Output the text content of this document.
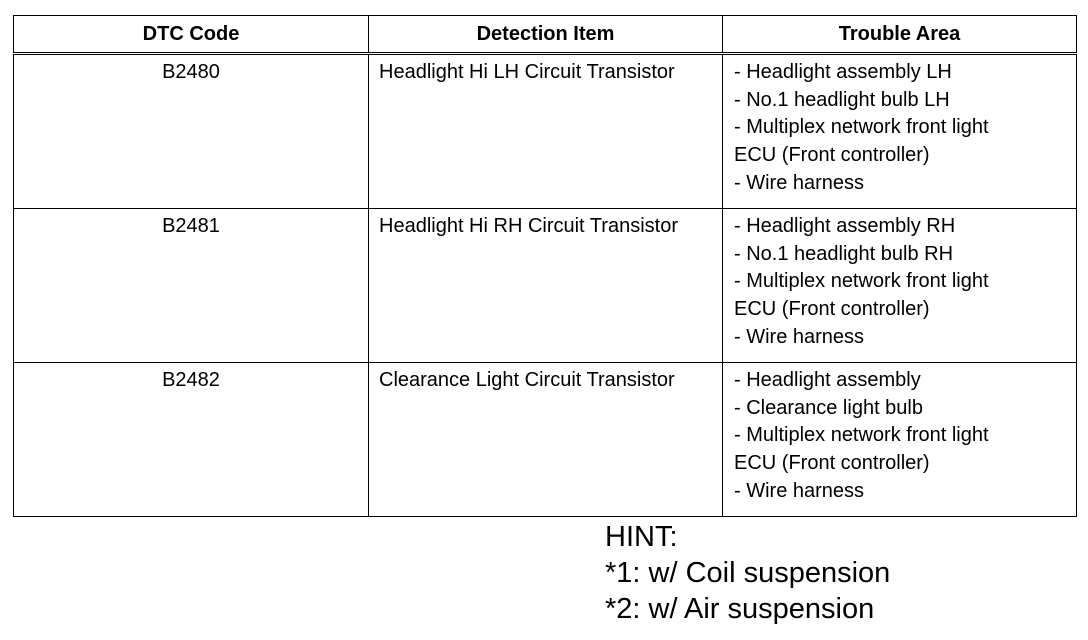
DTC Code	Detection Item	Trouble Area
B2480	Headlight Hi LH Circuit Transistor	- Headlight assembly LH
- No.1 headlight bulb LH
- Multiplex network front light
ECU (Front controller)
- Wire harness

B2481	Headlight Hi RH Circuit Transistor	- Headlight assembly RH
- No.1 headlight bulb RH
- Multiplex network front light
ECU (Front controller)
- Wire harness

B2482	Clearance Light Circuit Transistor	- Headlight assembly
- Clearance light bulb
- Multiplex network front light
ECU (Front controller)
- Wire harness
HINT:
*1: w/ Coil suspension
*2: w/ Air suspension
